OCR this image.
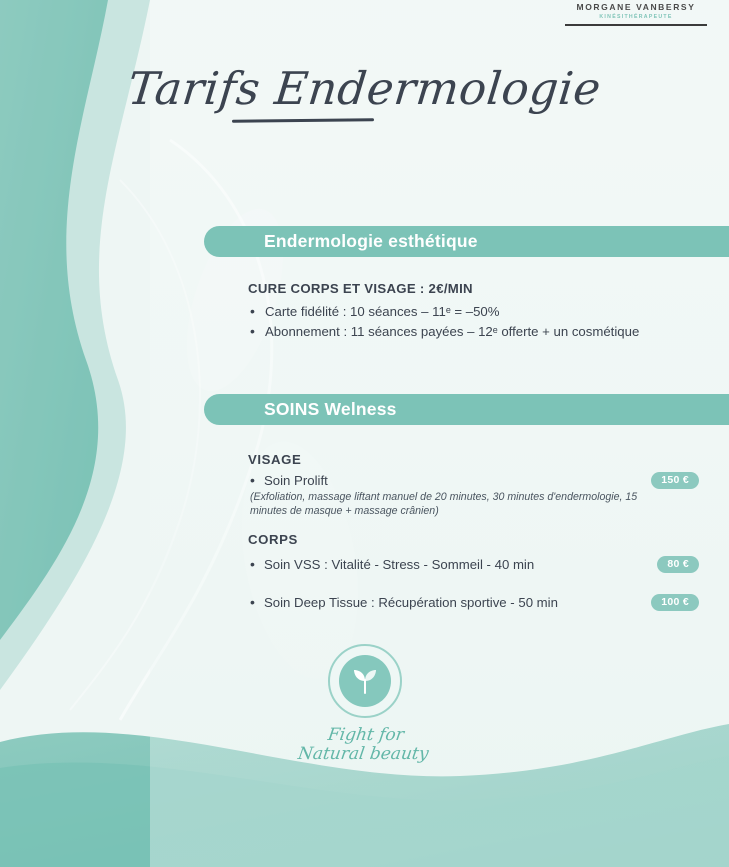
MORGANE VANBERSY
KINÉSITHÉRAPEUTE
Tarifs Endermologie
Endermologie esthétique
CURE CORPS ET VISAGE : 2€/MIN
• Carte fidélité : 10 séances – 11ᵉ = –50%
• Abonnement : 11 séances payées – 12ᵉ offerte + un cosmétique
SOINS Welness
VISAGE
• Soin Prolift	150 €
(Exfoliation, massage liftant manuel de 20 minutes, 30 minutes d'endermologie, 15 minutes de masque + massage crânien)
CORPS
• Soin VSS : Vitalité - Stress - Sommeil - 40 min	80 €
• Soin Deep Tissue : Récupération sportive - 50 min	100 €
Fight for
Natural beauty
